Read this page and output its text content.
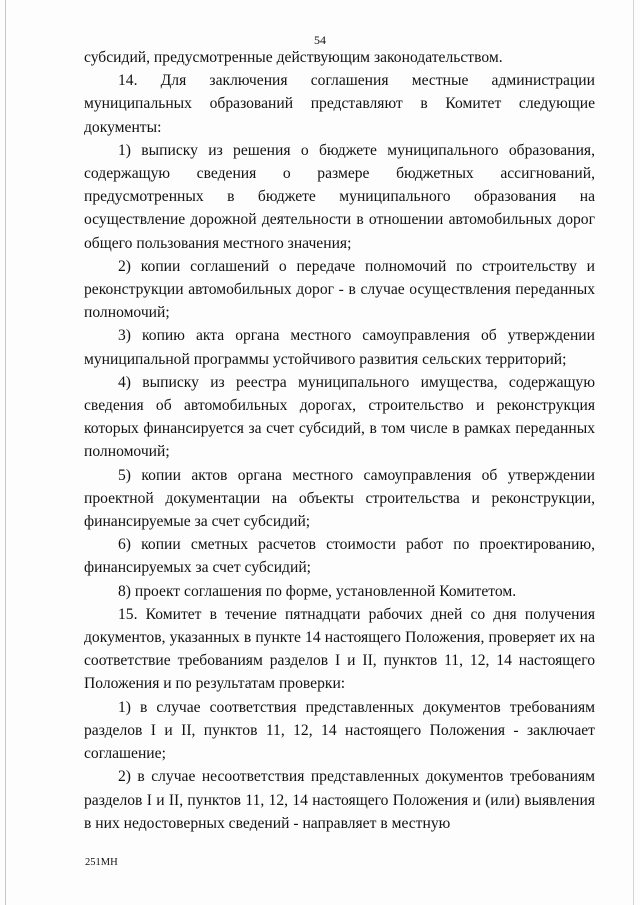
54

субсидий, предусмотренные действующим законодательством.

14. Для заключения соглашения местные администрации муниципальных образований представляют в Комитет следующие документы:

1) выписку из решения о бюджете муниципального образования, содержащую сведения о размере бюджетных ассигнований, предусмотренных в бюджете муниципального образования на осуществление дорожной деятельности в отношении автомобильных дорог общего пользования местного значения;

2) копии соглашений о передаче полномочий по строительству и реконструкции автомобильных дорог - в случае осуществления переданных полномочий;

3) копию акта органа местного самоуправления об утверждении муниципальной программы устойчивого развития сельских территорий;

4) выписку из реестра муниципального имущества, содержащую сведения об автомобильных дорогах, строительство и реконструкция которых финансируется за счет субсидий, в том числе в рамках переданных полномочий;

5) копии актов органа местного самоуправления об утверждении проектной документации на объекты строительства и реконструкции, финансируемые за счет субсидий;

6) копии сметных расчетов стоимости работ по проектированию, финансируемых за счет субсидий;

8) проект соглашения по форме, установленной Комитетом.

15. Комитет в течение пятнадцати рабочих дней со дня получения документов, указанных в пункте 14 настоящего Положения, проверяет их на соответствие требованиям разделов I и II, пунктов 11, 12, 14 настоящего Положения и по результатам проверки:

1) в случае соответствия представленных документов требованиям разделов I и II, пунктов 11, 12, 14 настоящего Положения - заключает соглашение;

2) в случае несоответствия представленных документов требованиям разделов I и II, пунктов 11, 12, 14 настоящего Положения и (или) выявления в них недостоверных сведений - направляет в местную

251МН
